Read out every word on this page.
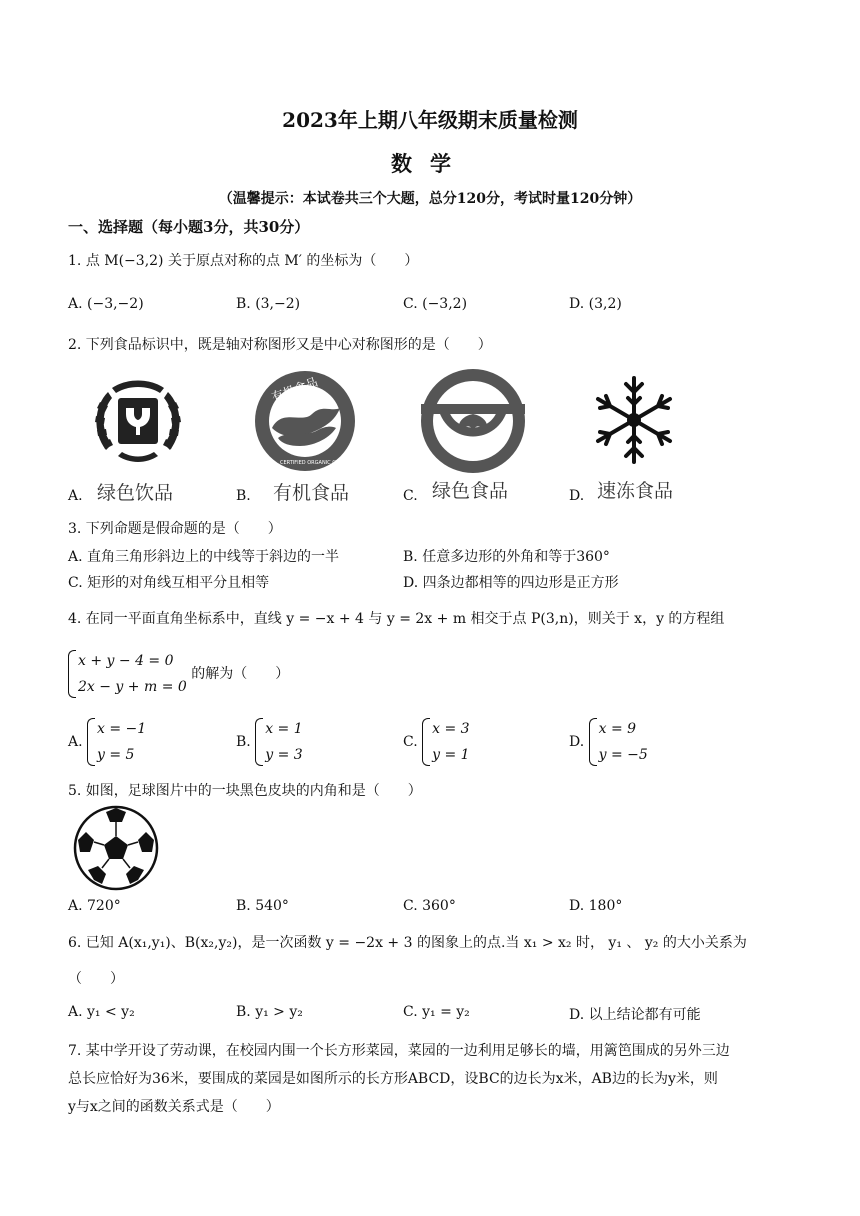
2023年上期八年级期末质量检测
数学
（温馨提示：本试卷共三个大题，总分120分，考试时量120分钟）
一、选择题（每小题3分，共30分）
1. 点 M(−3,2) 关于原点对称的点 M′ 的坐标为（　　）
A. (−3,−2)	B. (3,−2)	C. (−3,2)	D. (3,2)
2. 下列食品标识中，既是轴对称图形又是中心对称图形的是（　　）
A. 绿色饮品
有机食品
CERTIFIED ORGANIC COFFEE
B. 有机食品	C. 绿色食品	D. 速冻食品
3. 下列命题是假命题的是（　　）
A. 直角三角形斜边上的中线等于斜边的一半	B. 任意多边形的外角和等于360°
C. 矩形的对角线互相平分且相等	D. 四条边都相等的四边形是正方形
4. 在同一平面直角坐标系中，直线 y = −x + 4 与 y = 2x + m 相交于点 P(3,n)，则关于 x，y 的方程组
x + y − 4 = 0
2x − y + m = 0 的解为（　　）
A. x = −1
y = 5
B. x = 1
y = 3
C. x = 3
y = 1
D. x = 9
y = −5
5. 如图，足球图片中的一块黑色皮块的内角和是（　　）
A. 720°	B. 540°	C. 360°	D. 180°
6. 已知 A(x₁,y₁)、B(x₂,y₂)，是一次函数 y = −2x + 3 的图象上的点.当 x₁ > x₂ 时， y₁ 、 y₂ 的大小关系为
（　　）
A. y₁ < y₂	B. y₁ > y₂	C. y₁ = y₂	D. 以上结论都有可能
7. 某中学开设了劳动课，在校园内围一个长方形菜园，菜园的一边利用足够长的墙，用篱笆围成的另外三边
总长应恰好为36米，要围成的菜园是如图所示的长方形ABCD，设BC的边长为x米，AB边的长为y米，则
y与x之间的函数关系式是（　　）
